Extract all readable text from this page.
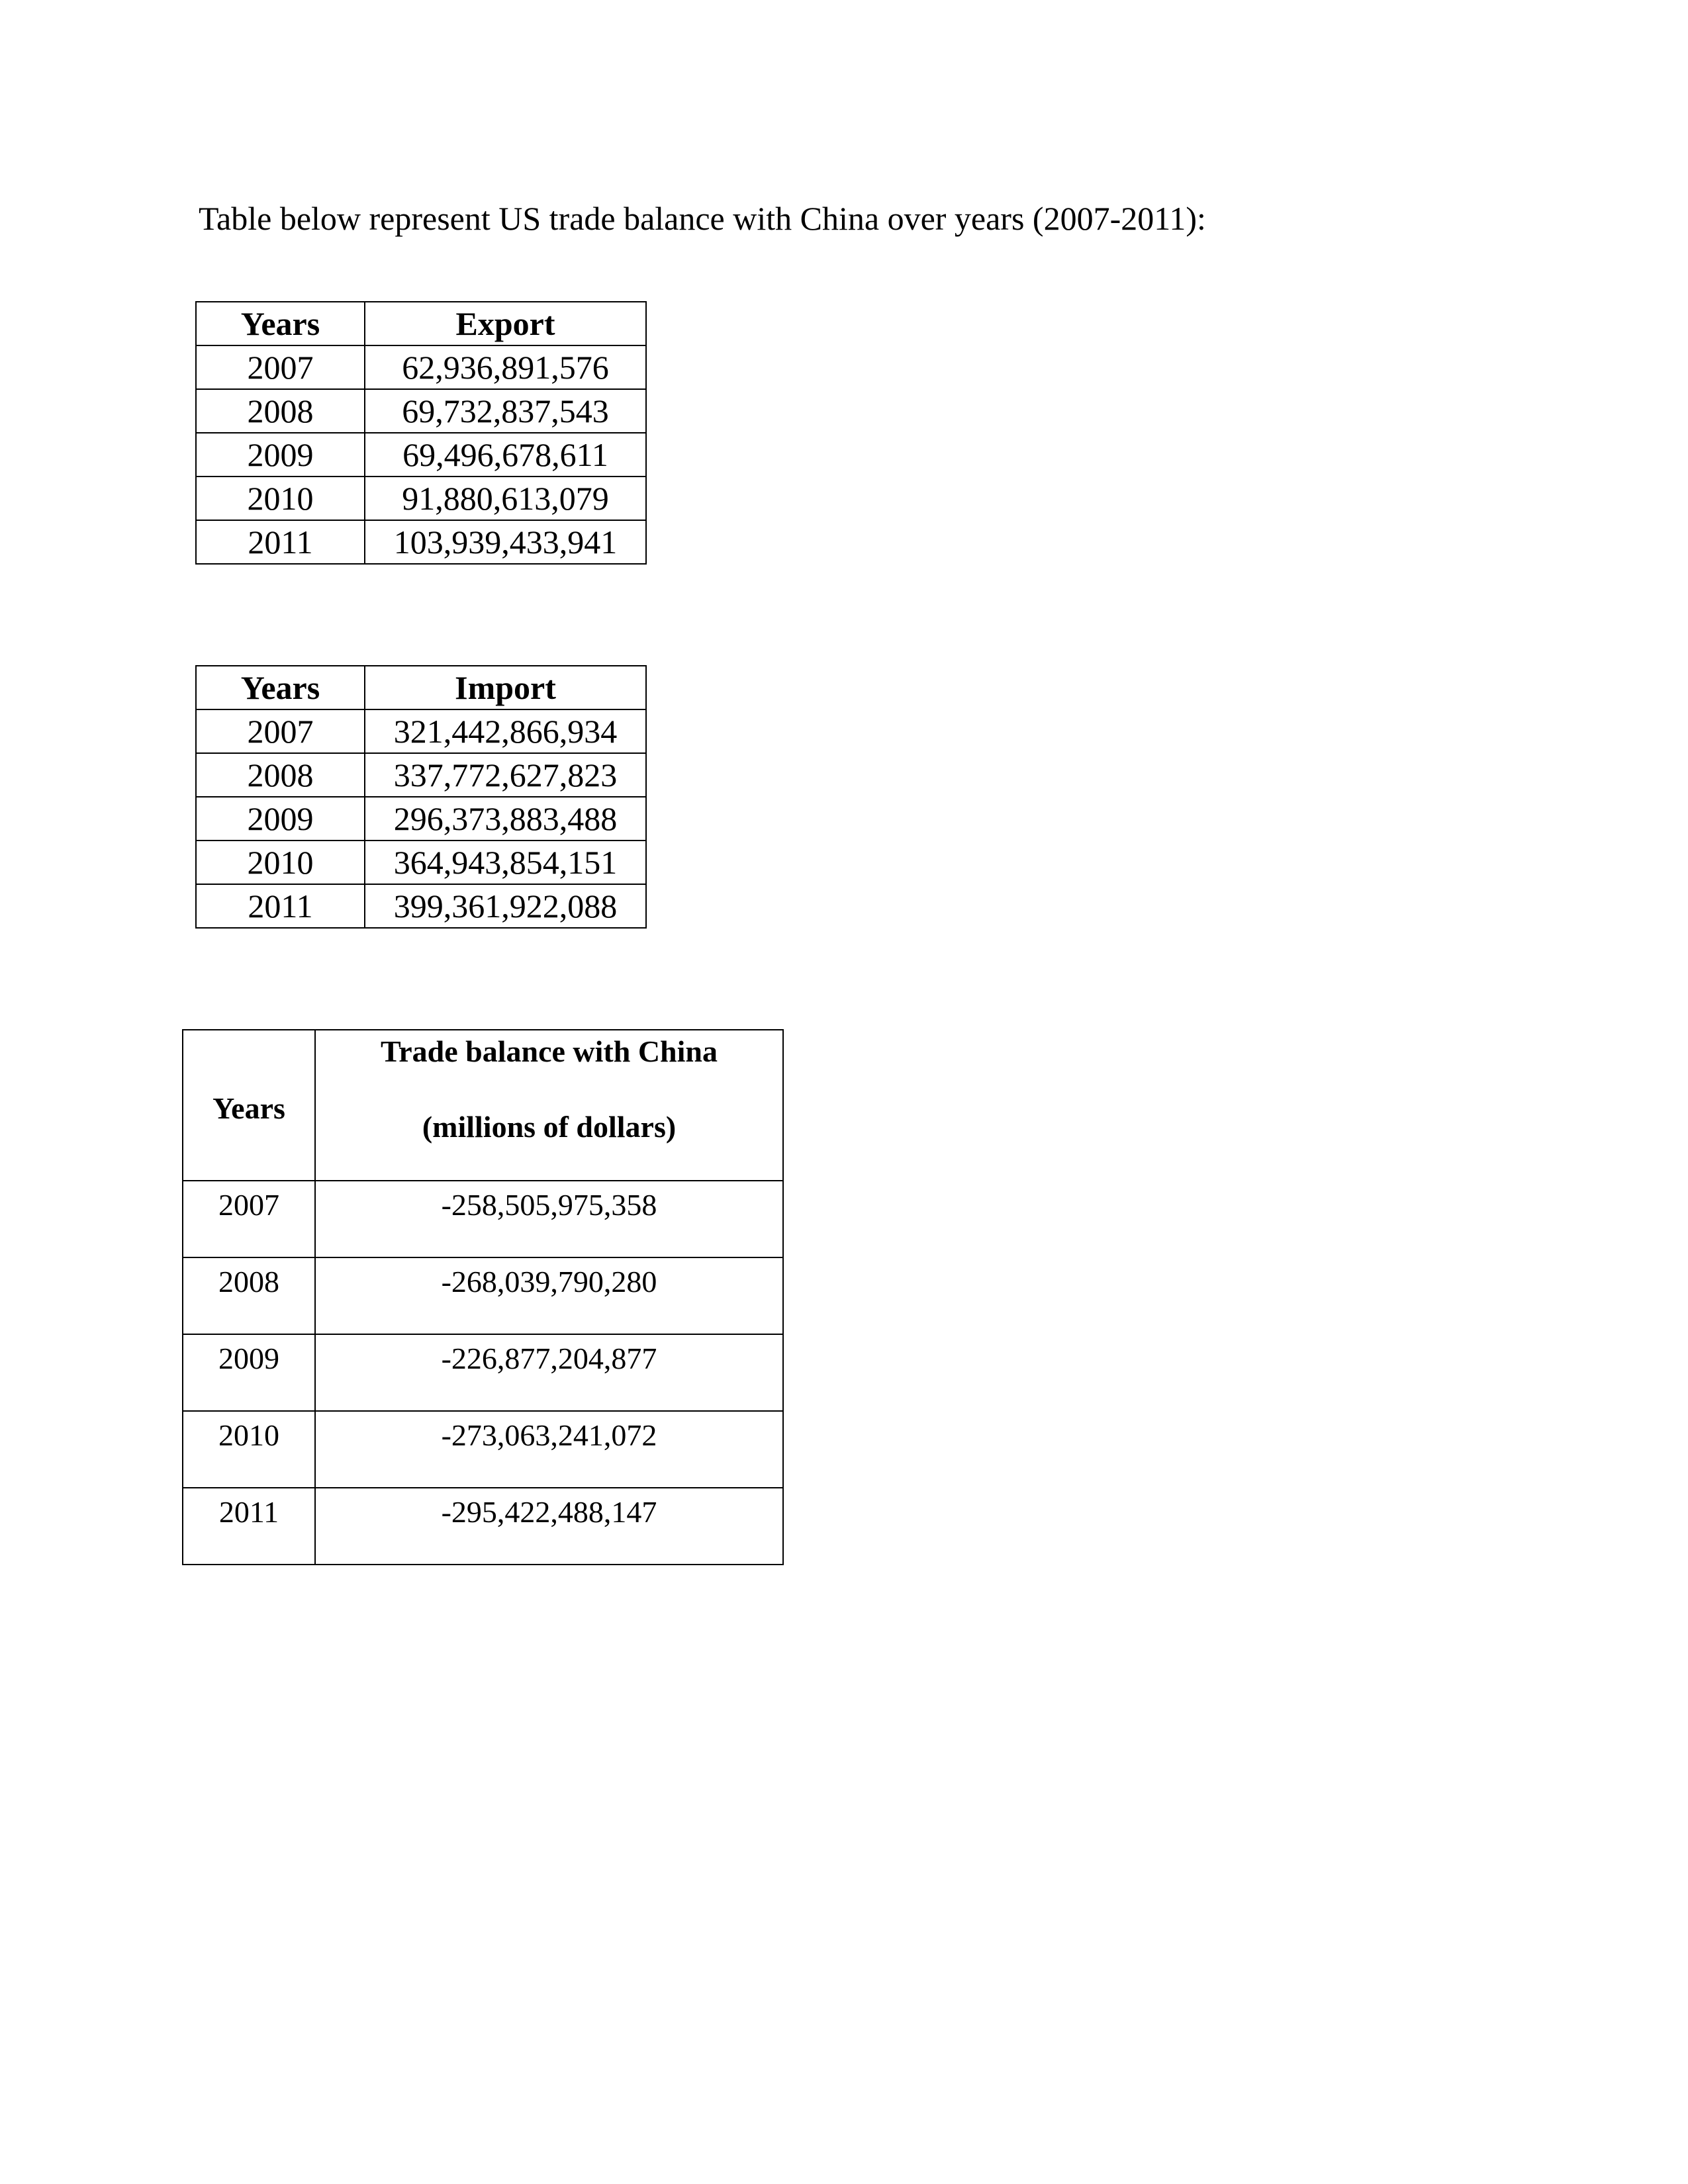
Table below represent US trade balance with China over years (2007-2011):

Years	Export
2007	62,936,891,576
2008	69,732,837,543
2009	69,496,678,611
2010	91,880,613,079
2011	103,939,433,941
Years	Import
2007	321,442,866,934
2008	337,772,627,823
2009	296,373,883,488
2010	364,943,854,151
2011	399,361,922,088
Years	Trade balance with China
(millions of dollars)

2007	-258,505,975,358
2008	-268,039,790,280
2009	-226,877,204,877
2010	-273,063,241,072
2011	-295,422,488,147
